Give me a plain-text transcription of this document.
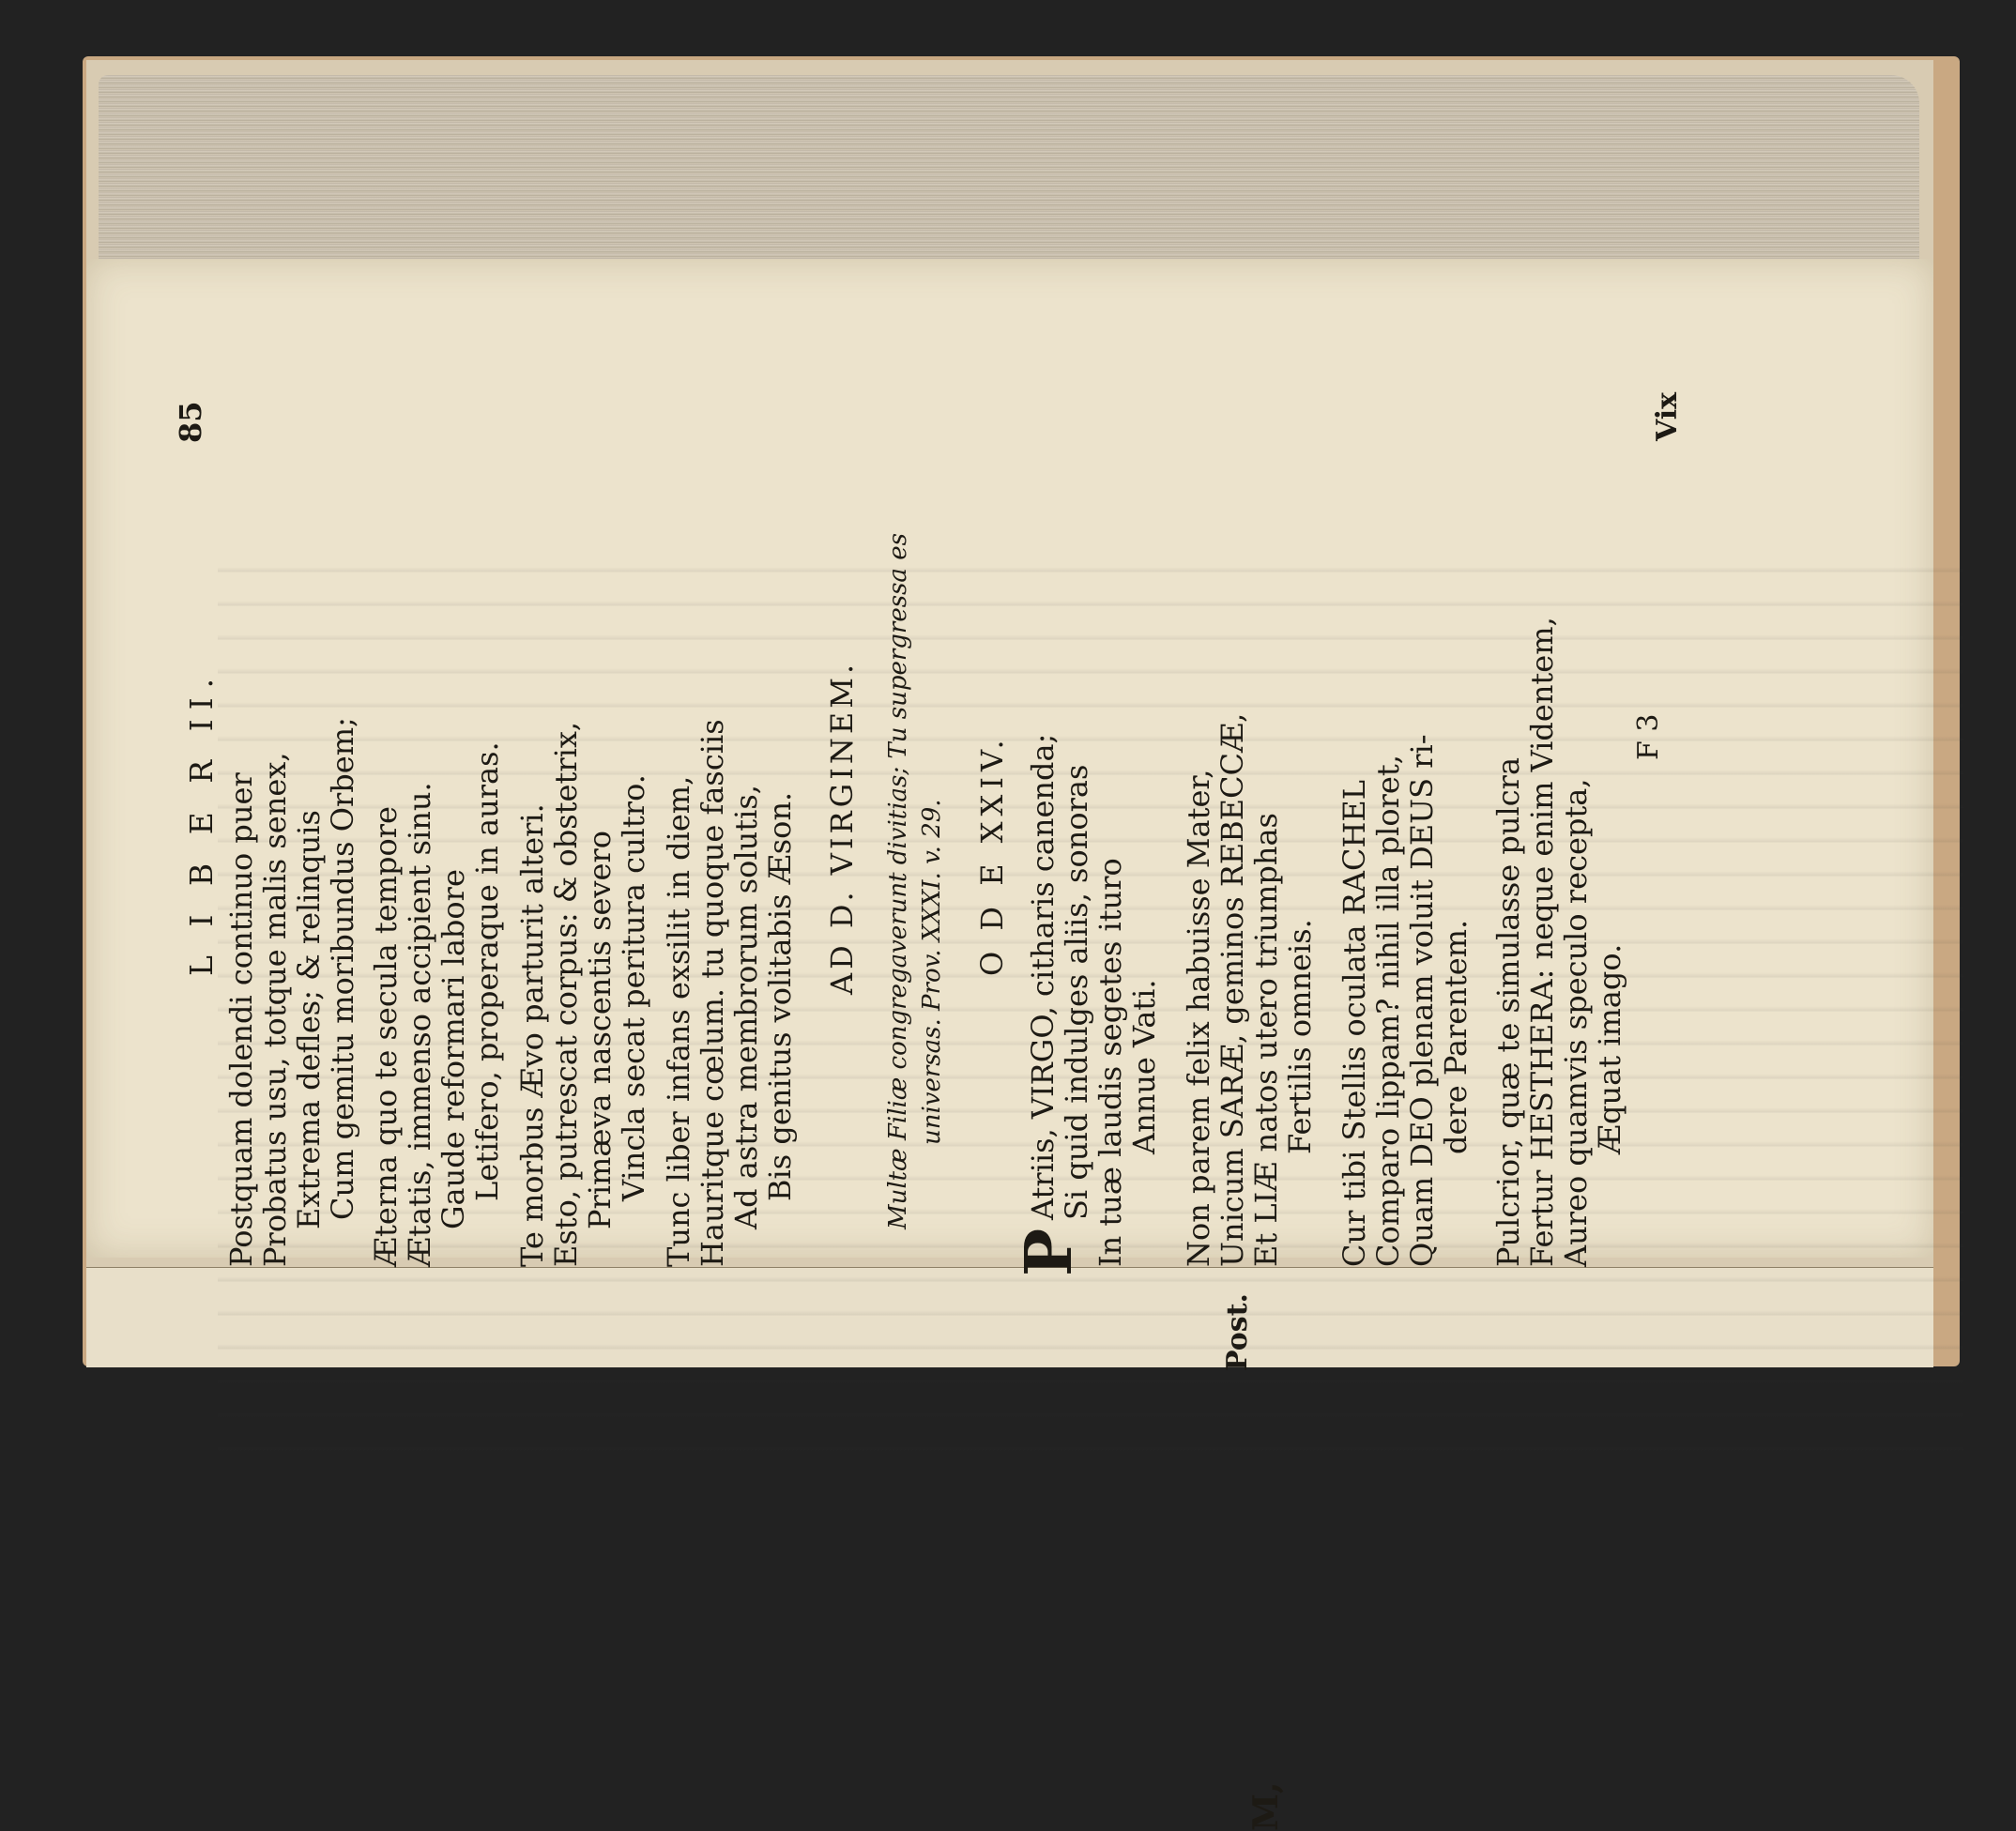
Post.
M,
L I B E R II.
85
Postquam dolendi continuo puer
Probatus usu, totque malis senex,
Extrema defles; & relinquis
Cum gemitu moribundus Orbem; Æterna quo te secula tempore
Ætatis, immenso accipient sinu.
Gaude reformari labore
Letifero, properaque in auras. Te morbus Ævo parturit alteri.
Esto, putrescat corpus: & obstetrix,
Primæva nascentis severo
Vincla secat peritura cultro. Tunc liber infans exsilit in diem,
Hauritque cœlum. tu quoque fasciis
Ad astra membrorum solutis,
Bis genitus volitabis Æson. AD D. VIRGINEM. Multæ Filiæ congregaverunt divitias; Tu supergressa es universas. Prov. XXXI. v. 29. O D E XXIV.
P
Atriis, VIRGO, citharis canenda;
Si quid indulges aliis, sonoras
In tuæ laudis segetes ituro
Annue Vati. Non parem felix habuisse Mater,
Unicum SARÆ, geminos REBECCÆ,
Et LIÆ natos utero triumphas
Fertilis omneis. Cur tibi Stellis oculata RACHEL
Comparo lippam? nihil illa ploret,
Quam DEO plenam voluit DEUS ri-
dere Parentem. Pulcrior, quæ te simulasse pulcra
Fertur HESTHERA: neque enim Videntem,
Aureo quamvis speculo recepta,
Æquat imago.
F 3
Vix
